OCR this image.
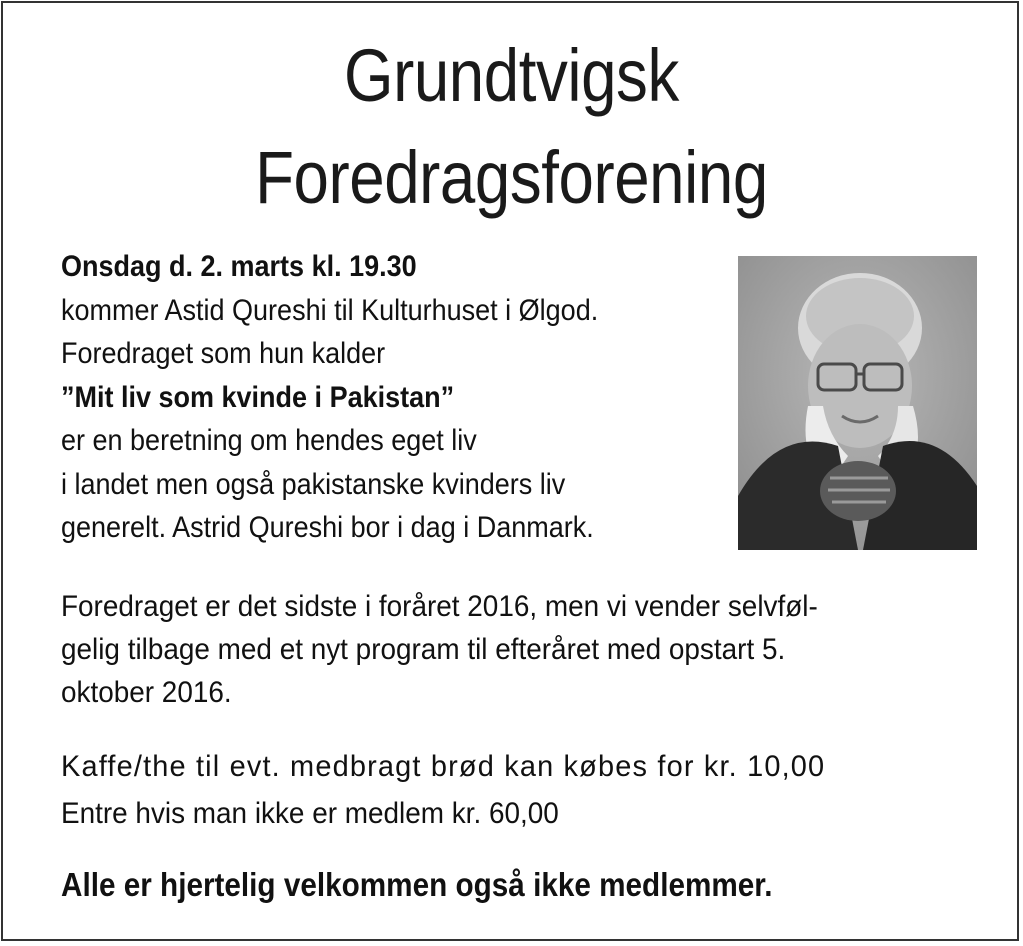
Grundtvigsk
Foredragsforening
Onsdag d. 2. marts kl. 19.30
kommer Astid Qureshi til Kulturhuset i Ølgod.
Foredraget som hun kalder
”Mit liv som kvinde i Pakistan”
er en beretning om hendes eget liv
i landet men også pakistanske kvinders liv
generelt. Astrid Qureshi bor i dag i Danmark.
Foredraget er det sidste i foråret 2016, men vi vender selvføl-
gelig tilbage med et nyt program til efteråret med opstart 5.
oktober 2016.
Kaffe/the til evt. medbragt brød kan købes for kr. 10,00
Entre hvis man ikke er medlem kr. 60,00
Alle er hjertelig velkommen også ikke medlemmer.
